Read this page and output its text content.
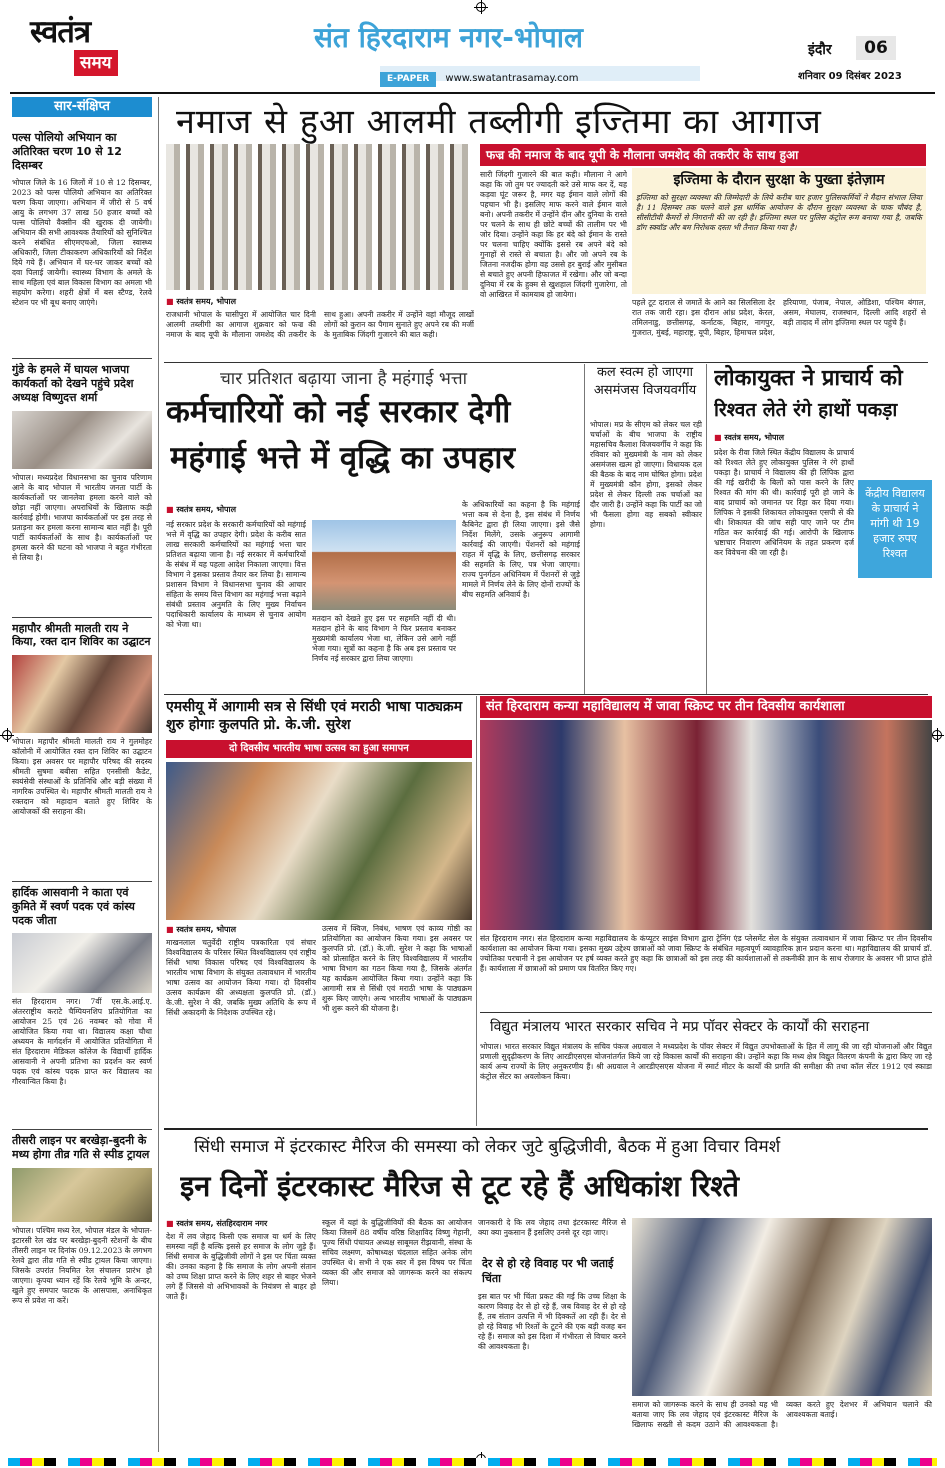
स्वतंत्र
समय
संत हिरदाराम नगर-भोपाल
E-PAPER www.swatantrasamay.com
इंदौर	06
शनिवार 09 दिसंबर 2023
सार-संक्षिप्त
पल्स पोलियो अभियान का अतिरिक्त चरण 10 से 12 दिसम्बर
भोपाल जिले के 16 जिलों में 10 से 12 दिसम्बर, 2023 को पल्स पोलियो अभियान का अतिरिक्त चरण किया जाएगा। अभियान में जीरो से 5 वर्ष आयु के लगभग 37 लाख 50 हजार बच्चों को पल्स पोलियो वैक्सीन की खुराक दी जायेगी। अभियान की सभी आवश्यक तैयारियों को सुनिश्चित करने संबंधित सीएमएचओ, जिला स्वास्थ्य अधिकारी, जिला टीकाकरण अधिकारियों को निर्देश दिये गये हैं। अभियान में घर-घर जाकर बच्चों को दवा पिलाई जायेगी। स्वास्थ्य विभाग के अमले के साथ महिला एवं बाल विकास विभाग का अमला भी सहयोग करेगा। शहरी क्षेत्रों में बस स्टैण्ड, रेलवे स्टेशन पर भी बूथ बनाए जाएंगे।
गुंडे के हमले में घायल भाजपा कार्यकर्ता को देखने पहुंचे प्रदेश अध्यक्ष विष्णुदत्त शर्मा
भोपाल। मध्यप्रदेश विधानसभा का चुनाव परिणाम आने के बाद भोपाल में भारतीय जनता पार्टी के कार्यकर्ताओं पर जानलेवा हमला करने वाले को छोड़ा नहीं जाएगा। अपराधियों के खिलाफ कड़ी कार्रवाई होगी। भाजपा कार्यकर्ताओं पर इस तरह से प्रताड़ना कर हमला करना सामान्य बात नहीं है। पूरी पार्टी कार्यकर्ताओं के साथ है। कार्यकर्ताओं पर हमला करने की घटना को भाजपा ने बहुत गंभीरता से लिया है।
महापौर श्रीमती मालती राय ने किया, रक्त दान शिविर का उद्घाटन
भोपाल। महापौर श्रीमती मालती राय ने गुलमोहर कॉलोनी में आयोजित रक्त दान शिविर का उद्घाटन किया। इस अवसर पर महापौर परिषद की सदस्य श्रीमती सुषमा बबीसा सहित एनसीसी कैडेट, स्वयंसेवी संस्थाओं के प्रतिनिधि और बड़ी संख्या में नागरिक उपस्थित थे। महापौर श्रीमती मालती राय ने रक्तदान को महादान बताते हुए शिविर के आयोजकों की सराहना की।
हार्दिक आसवानी ने काता एवं कुमिते में स्वर्ण पदक एवं कांस्य पदक जीता
संत हिरदाराम नगर। 7वीं एस.के.आई.ए. अंतरराष्ट्रीय कराटे चैम्पियनशिप प्रतियोगिता का आयोजन 25 एवं 26 नवम्बर को गोवा में आयोजित किया गया था। विद्यालय कक्षा चौथा अध्ययन के मार्गदर्शन में आयोजित प्रतियोगिता में संत हिरदाराम मेडिकल कॉलेज के विद्यार्थी हार्दिक आसवानी ने अपनी प्रतिभा का प्रदर्शन कर स्वर्ण पदक एवं कांस्य पदक प्राप्त कर विद्यालय का गौरवान्वित किया है।
तीसरी लाइन पर बरखेड़ा-बुदनी के मध्य होगा तीव्र गति से स्पीड ट्रायल
भोपाल। पश्चिम मध्य रेल, भोपाल मंडल के भोपाल-इटारसी रेल खंड पर बरखेड़ा-बुदनी स्टेशनों के बीच तीसरी लाइन पर दिनांक 09.12.2023 के लगभग रेलवे द्वारा तीव्र गति से स्पीड ट्रायल किया जाएगा। जिसके उपरांत नियमित रेल संचालन प्रारंभ हो जाएगा। कृपया ध्यान रहें कि रेलवे भूमि के अन्दर, खुले हुए समपार फाटक के आसपास, अनाधिकृत रूप से प्रवेश ना करें।
नमाज से हुआ आलमी तब्लीगी इज्तिमा का आगाज
फज्र की नमाज के बाद यूपी के मौलाना जमशेद की तकरीर के साथ हुआ
सारी जिंदगी गुजारने की बात कही। मौलाना ने आगे कहा कि जो तुम पर ज्यादती करे उसे माफ कर दें, यह कड़वा घूंट जरूर है, मगर यह ईमान वाले लोगों की पहचान भी है। इसलिए माफ करने वाले ईमान वाले बनो। अपनी तकरीर में उन्होंने दीन और दुनिया के रास्ते पर चलने के साथ ही छोटे बच्चों की तालीम पर भी जोर दिया। उन्होंने कहा कि हर बंदे को ईमान के रास्ते पर चलना चाहिए क्योंकि इससे रब अपने बंदे को गुनाहों से रास्ते से बचाता है। और जो अपने रब के जितना नजदीक होगा वह उससे हर बुराई और मुसीबत से बचाते हुए अपनी हिफाजत में रखेगा। और जो बन्दा दुनिया में रब के हुक्म से खुशहाल जिंदगी गुजारेगा, तो वो आखिरत में कामयाब हो जायेगा।
इज्तिमा के दौरान सुरक्षा के पुख्ता इंतेज़ाम
इज्तिमा को सुरक्षा व्यवस्था की जिम्मेदारी के लिये करीब चार हजार पुलिसकर्मियों ने मैदान संभाल लिया है। 11 दिसम्बर तक चलने वाले इस धार्मिक आयोजन के दौरान सुरक्षा व्यवस्था के चाक चौबंद है, सीसीटीवी कैमरों से निगरानी की जा रही है। इज्तिमा स्थल पर पुलिस कंट्रोल रूम बनाया गया है, जबकि डॉग स्क्वॉड और बम निरोधक दस्ता भी तैनात किया गया है।
■ स्वतंत्र समय, भोपाल
राजधानी भोपाल के घासीपुरा में आयोजित चार दिनी आलमी तब्लीगी का आगाज शुक्रवार को फज्र की नमाज के बाद यूपी के मौलाना जमशेद की तकरीर के साथ हुआ। अपनी तकरीर में उन्होंने वहां मौजूद लाखों लोगों को कुरान का पैगाम सुनाते हुए अपने रब की मर्जी के मुताबिक जिंदगी गुजारने की बात कही।
पहले टूट दाराल से जमातें के आने का सिलसिला देर रात तक जारी रहा। इस दौरान आंध्र प्रदेश, केरल, तमिलनाडु, छत्तीसगढ़, कर्नाटक, बिहार, नागपुर, गुजरात, मुंबई, महाराष्ट्र, यूपी, बिहार, हिमाचल प्रदेश, हरियाणा, पंजाब, नेपाल, ओडिशा, पश्चिम बंगाल, असम, मेघालय, राजस्थान, दिल्ली आदि शहरों से बड़ी तादाद में लोग इज्तिमा स्थल पर पहुंचे हैं।
चार प्रतिशत बढ़ाया जाना है महंगाई भत्ता
कर्मचारियों को नई सरकार देगी
महंगाई भत्ते में वृद्धि का उपहार
■ स्वतंत्र समय, भोपाल
नई सरकार प्रदेश के सरकारी कर्मचारियों को महंगाई भत्ते में वृद्धि का उपहार देगी। प्रदेश के करीब सात लाख सरकारी कर्मचारियों का महंगाई भत्ता चार प्रतिशत बढ़ाया जाना है। नई सरकार में कर्मचारियों के संबंध में यह पहला आदेश निकाला जाएगा। वित्त विभाग ने इसका प्रस्ताव तैयार कर लिया है। सामान्य प्रशासन विभाग ने विधानसभा चुनाव की आचार संहिता के समय वित्त विभाग का महंगाई भत्ता बढ़ाने संबंधी प्रस्ताव अनुमति के लिए मुख्य निर्वाचन पदाधिकारी कार्यालय के माध्यम से चुनाव आयोग को भेजा था।
मतदान को देखते हुए इस पर सहमति नहीं दी थी। मतदान होने के बाद विभाग ने फिर प्रस्ताव बनाकर मुख्यमंत्री कार्यालय भेजा था, लेकिन उसे आगे नहीं भेजा गया। सूत्रों का कहना है कि अब इस प्रस्ताव पर निर्णय नई सरकार द्वारा लिया जाएगा।
के अधिकारियों का कहना है कि महंगाई भत्ता कब से देना है, इस संबंध में निर्णय कैबिनेट द्वारा ही लिया जाएगा। इसे जैसे निर्देश मिलेंगे, उसके अनुरूप आगामी कार्रवाई की जाएगी। पेंशनरों को महंगाई राहत में वृद्धि के लिए, छत्तीसगढ़ सरकार की सहमति के लिए, पत्र भेजा जाएगा। राज्य पुनर्गठन अधिनियम में पेंशनरों से जुड़े मामले में निर्णय लेने के लिए दोनों राज्यों के बीच सहमति अनिवार्य है।
कल स्वत्म हो जाएगा असमंजस विजयवर्गीय
भोपाल। मप्र के सीएम को लेकर चल रही चर्चाओं के बीच भाजपा के राष्ट्रीय महासचिव कैलाश विजयवर्गीय ने कहा कि रविवार को मुख्यमंत्री के नाम को लेकर असमंजस खत्म हो जाएगा। विधायक दल की बैठक के बाद नाम घोषित होगा। प्रदेश में मुख्यमंत्री कौन होगा, इसको लेकर प्रदेश से लेकर दिल्ली तक चर्चाओं का दौर जारी है। उन्होंने कहा कि पार्टी का जो भी फैसला होगा वह सबको स्वीकार होगा।
लोकायुक्त ने प्राचार्य को
रिश्वत लेते रंगे हाथों पकड़ा
■ स्वतंत्र समय, भोपाल
प्रदेश के रीवा जिले स्थित केंद्रीय विद्यालय के प्राचार्य को रिश्वत लेते हुए लोकायुक्त पुलिस ने रंगे हाथों पकड़ा है। प्राचार्य ने विद्यालय की ही लिपिक द्वारा की गई खरीदी के बिलों को पास करने के लिए रिश्वत की मांग की थी। कार्रवाई पूरी हो जाने के बाद प्राचार्य को जमानत पर रिहा कर दिया गया। लिपिक ने इसकी शिकायत लोकायुक्त एसपी से की थी। शिकायत की जांच सही पाए जाने पर टीम गठित कर कार्रवाई की गई। आरोपी के खिलाफ भ्रष्टाचार निवारण अधिनियम के तहत प्रकरण दर्ज कर विवेचना की जा रही है।
केंद्रीय विद्यालय के प्राचार्य ने मांगी थी 19 हजार रुपए रिश्वत
एमसीयू में आगामी सत्र से सिंधी एवं मराठी भाषा पाठ्यक्रम शुरु होगाः कुलपति प्रो. के.जी. सुरेश
दो दिवसीय भारतीय भाषा उत्सव का हुआ समापन
■ स्वतंत्र समय, भोपाल
माखनलाल चतुर्वेदी राष्ट्रीय पत्रकारिता एवं संचार विश्वविद्यालय के परिसर स्थित विश्वविद्यालय एवं राष्ट्रीय सिंधी भाषा विकास परिषद एवं विश्वविद्यालय के भारतीय भाषा विभाग के संयुक्त तत्वावधान में भारतीय भाषा उत्सव का आयोजन किया गया। दो दिवसीय उत्सव कार्यक्रम की अध्यक्षता कुलपति प्रो. (डॉ.) के.जी. सुरेश ने की, जबकि मुख्य अतिथि के रूप में सिंधी अकादमी के निदेशक उपस्थित रहे।
उत्सव में क्विज, निबंध, भाषण एवं काव्य गोष्ठी का प्रतियोगिता का आयोजन किया गया। इस अवसर पर कुलपति प्रो. (डॉ.) के.जी. सुरेश ने कहा कि भाषाओं को प्रोत्साहित करने के लिए विश्वविद्यालय में भारतीय भाषा विभाग का गठन किया गया है, जिसके अंतर्गत यह कार्यक्रम आयोजित किया गया। उन्होंने कहा कि आगामी सत्र से सिंधी एवं मराठी भाषा के पाठ्यक्रम शुरू किए जाएंगे। अन्य भारतीय भाषाओं के पाठ्यक्रम भी शुरू करने की योजना है।
संत हिरदाराम कन्या महाविद्यालय में जावा स्क्रिप्ट पर तीन दिवसीय कार्यशाला
संत हिरदाराम नगर। संत हिरदाराम कन्या महाविद्यालय के कंप्यूटर साइंस विभाग द्वारा ट्रेनिंग एंड प्लेसमेंट सेल के संयुक्त तत्वावधान में जावा स्क्रिप्ट पर तीन दिवसीय कार्यशाला का आयोजन किया गया। इसका मुख्य उद्देश्य छात्राओं को जावा स्क्रिप्ट के संबंधित महत्वपूर्ण व्यावहारिक ज्ञान प्रदान करना था। महाविद्यालय की प्राचार्य डॉ. ज्योतिका परचानी ने इस आयोजन पर हर्ष व्यक्त करते हुए कहा कि छात्राओं को इस तरह की कार्यशालाओं से तकनीकी ज्ञान के साथ रोजगार के अवसर भी प्राप्त होते हैं। कार्यशाला में छात्राओं को प्रमाण पत्र वितरित किए गए।
विद्युत मंत्रालय भारत सरकार सचिव ने मप्र पॉवर सेक्टर के कार्यों की सराहना
भोपाल। भारत सरकार विद्युत मंत्रालय के सचिव पंकज अग्रवाल ने मध्यप्रदेश के पॉवर सेक्टर में विद्युत उपभोक्ताओं के हित में लागू की जा रही योजनाओं और विद्युत प्रणाली सुदृढ़ीकरण के लिए आरडीएसएस योजनांतर्गत किये जा रहे विकास कार्यों की सराहना की। उन्होंने कहा कि मध्य क्षेत्र विद्युत वितरण कंपनी के द्वारा किए जा रहे कार्य अन्य राज्यों के लिए अनुकरणीय हैं। श्री अग्रवाल ने आरडीएसएस योजना में स्मार्ट मीटर के कार्यों की प्रगति की समीक्षा की तथा कॉल सेंटर 1912 एवं स्काडा कंट्रोल सेंटर का अवलोकन किया।
सिंधी समाज में इंटरकास्ट मैरिज की समस्या को लेकर जुटे बुद्धिजीवी, बैठक में हुआ विचार विमर्श
इन दिनों इंटरकास्ट मैरिज से टूट रहे हैं अधिकांश रिश्ते
■ स्वतंत्र समय, संतहिरदाराम नगर
देश में लव जेहाद किसी एक समाज या धर्म के लिए समस्या नहीं है बल्कि इससे हर समाज के लोग जुड़े हैं। सिंधी समाज के बुद्धिजीवी लोगों ने इस पर चिंता व्यक्त की। उनका कहना है कि समाज के लोग अपनी संतान को उच्च शिक्षा प्राप्त करने के लिए शहर से बाहर भेजने लगे हैं जिससे वो अभिभावकों के नियंत्रण से बाहर हो जाते हैं।
स्कूल में यहां के बुद्धिजीवियों की बैठक का आयोजन किया जिसमें 88 वर्षीय वरिष्ठ शिक्षाविद विष्णु गेहानी, पूज्य सिंधी पंचायत अध्यक्ष साबूमल रीझवानी, संस्था के सचिव लक्ष्मण, कोषाध्यक्ष चंदलाल सहित अनेक लोग उपस्थित थे। सभी ने एक स्वर में इस विषय पर चिंता व्यक्त की और समाज को जागरूक करने का संकल्प लिया।
जानकारी दे कि लव जेहाद तथा इंटरकास्ट मैरिज से क्या क्या नुकसान हैं इसलिए उनसे दूर रहा जाए।
देर से हो रहे विवाह पर भी जताई चिंता
इस बात पर भी चिंता प्रकट की गई कि उच्च शिक्षा के कारण विवाह देर से हो रहे हैं, जब विवाह देर से हो रहे हैं, तब संतान उत्पत्ति में भी दिक्कतें आ रही हैं। देर से हो रहे विवाह भी रिश्तों के टूटने की एक बड़ी वजह बन रहे हैं। समाज को इस दिशा में गंभीरता से विचार करने की आवश्यकता है।
समाज को जागरूक करने के साथ ही उनको यह भी बताया जाए कि लव जेहाद एवं इंटरकास्ट मैरिज के खिलाफ सख्ती से कदम उठाने की आवश्यकता है। व्यक्त करते हुए देशभर में अभियान चलाने की आवश्यकता बताई।
